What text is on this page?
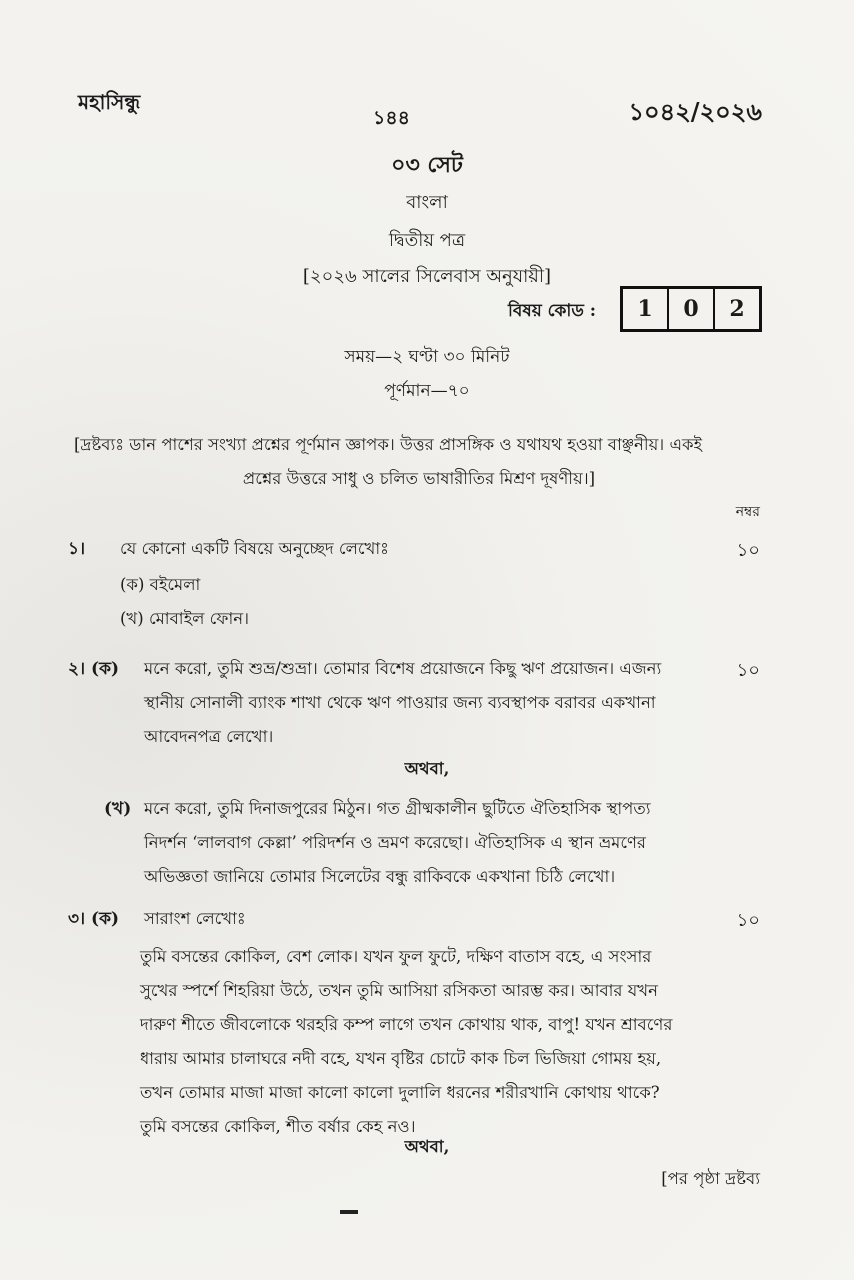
মহাসিন্ধু
১৪৪	১০৪২/২০২৬
০৩ সেট
বাংলা
দ্বিতীয় পত্র
[২০২৬ সালের সিলেবাস অনুযায়ী]
বিষয় কোড :	1	0	2
সময়—২ ঘণ্টা ৩০ মিনিট
পূর্ণমান—৭০
[দ্রষ্টব্যঃ ডান পাশের সংখ্যা প্রশ্নের পূর্ণমান জ্ঞাপক। উত্তর প্রাসঙ্গিক ও যথাযথ হওয়া বাঞ্ছনীয়। একই
প্রশ্নের উত্তরে সাধু ও চলিত ভাষারীতির মিশ্রণ দূষণীয়।]
নম্বর
১। যে কোনো একটি বিষয়ে অনুচ্ছেদ লেখোঃ	১০
(ক) বইমেলা
(খ) মোবাইল ফোন।
২। (ক)	১০
মনে করো, তুমি শুভ্র/শুভ্রা। তোমার বিশেষ প্রয়োজনে কিছু ঋণ প্রয়োজন। এজন্য
স্থানীয় সোনালী ব্যাংক শাখা থেকে ঋণ পাওয়ার জন্য ব্যবস্থাপক বরাবর একখানা
আবেদনপত্র লেখো।
অথবা,
(খ) মনে করো, তুমি দিনাজপুরের মিঠুন। গত গ্রীষ্মকালীন ছুটিতে ঐতিহাসিক স্থাপত্য
নিদর্শন ‘লালবাগ কেল্লা’ পরিদর্শন ও ভ্রমণ করেছো। ঐতিহাসিক এ স্থান ভ্রমণের
অভিজ্ঞতা জানিয়ে তোমার সিলেটের বন্ধু রাকিবকে একখানা চিঠি লেখো।
৩। (ক) সারাংশ লেখোঃ	১০
তুমি বসন্তের কোকিল, বেশ লোক। যখন ফুল ফুটে, দক্ষিণ বাতাস বহে, এ সংসার
সুখের স্পর্শে শিহরিয়া উঠে, তখন তুমি আসিয়া রসিকতা আরম্ভ কর। আবার যখন
দারুণ শীতে জীবলোকে থরহরি কম্প লাগে তখন কোথায় থাক, বাপু! যখন শ্রাবণের
ধারায় আমার চালাঘরে নদী বহে, যখন বৃষ্টির চোটে কাক চিল ভিজিয়া গোময় হয়,
তখন তোমার মাজা মাজা কালো কালো দুলালি ধরনের শরীরখানি কোথায় থাকে?
তুমি বসন্তের কোকিল, শীত বর্ষার কেহ নও।
অথবা,
[পর পৃষ্ঠা দ্রষ্টব্য
